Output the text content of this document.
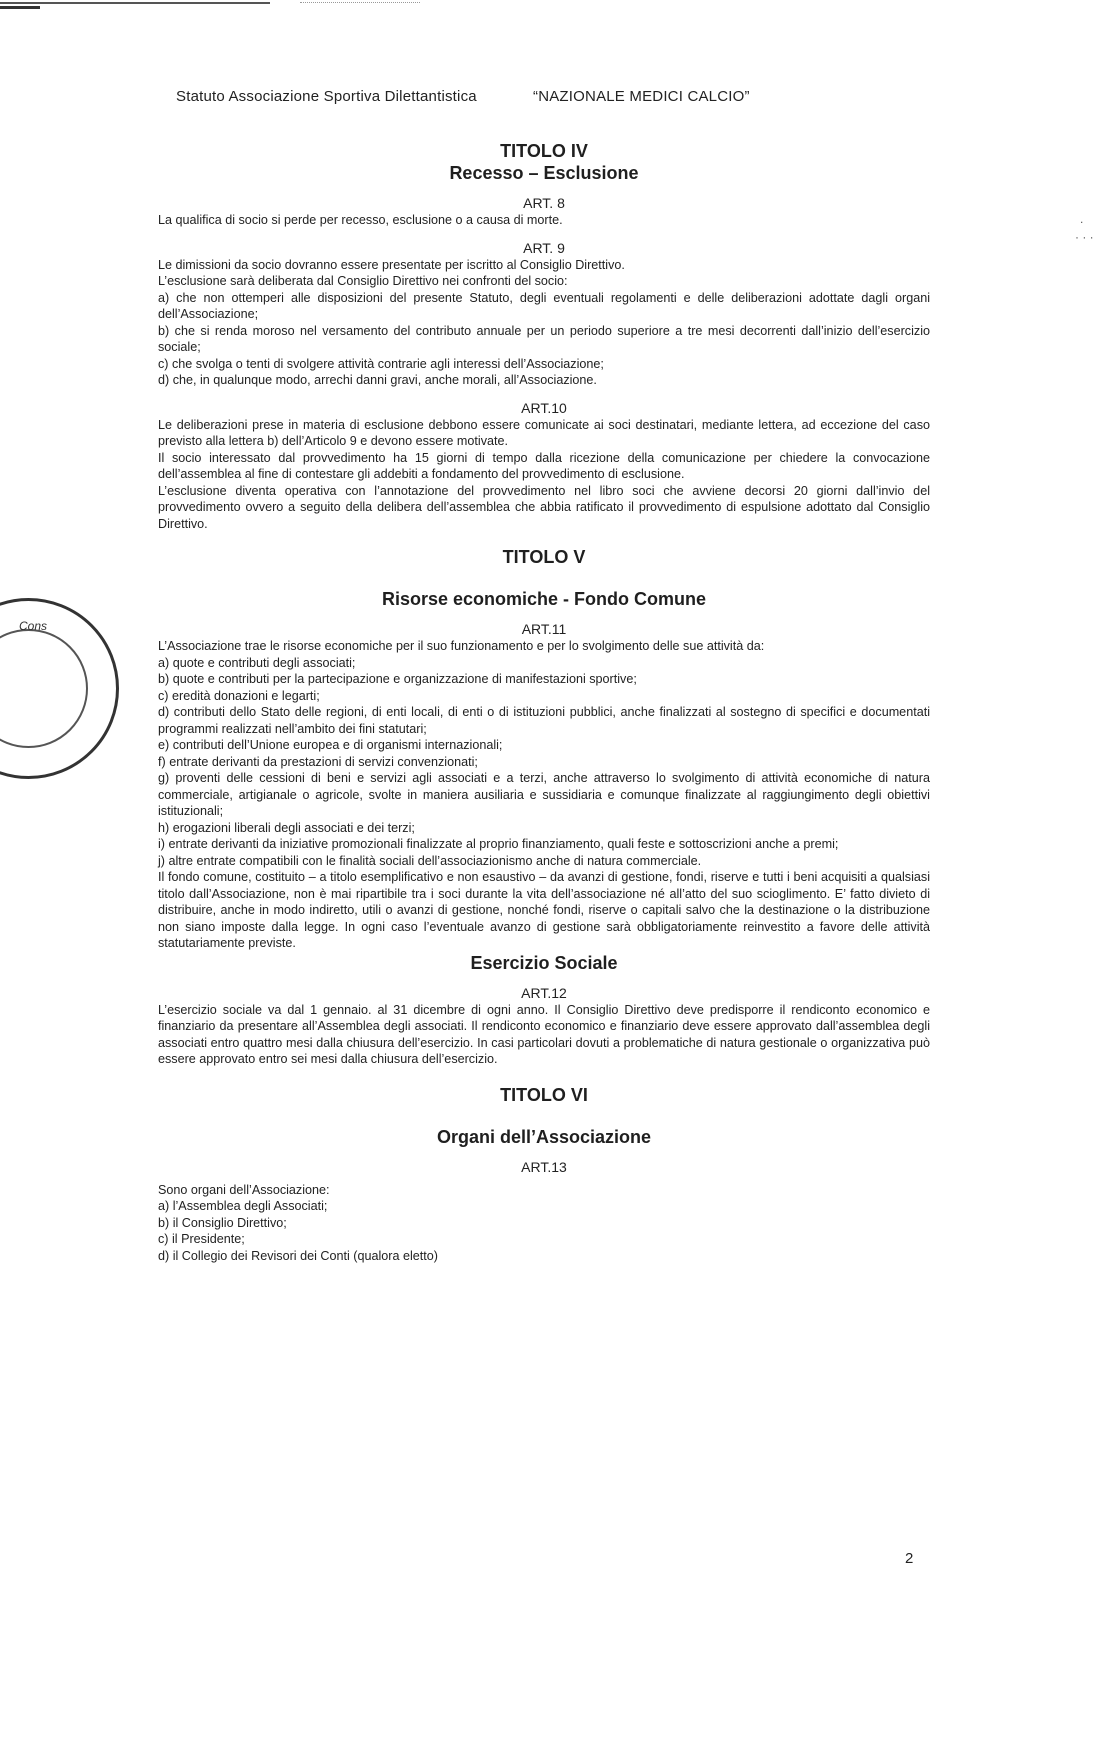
Statuto Associazione Sportiva Dilettantistica	“NAZIONALE MEDICI CALCIO”
Cons
.
· · ·
TITOLO IV
Recesso – Esclusione
ART. 8

La qualifica di socio si perde per recesso, esclusione o a causa di morte.

ART. 9

Le dimissioni da socio dovranno essere presentate per iscritto al Consiglio Direttivo.

L’esclusione sarà deliberata dal Consiglio Direttivo nei confronti del socio:

a) che non ottemperi alle disposizioni del presente Statuto, degli eventuali regolamenti e delle deliberazioni adottate dagli organi dell’Associazione;

b) che si renda moroso nel versamento del contributo annuale per un periodo superiore a tre mesi decorrenti dall’inizio dell’esercizio sociale;

c) che svolga o tenti di svolgere attività contrarie agli interessi dell’Associazione;

d) che, in qualunque modo, arrechi danni gravi, anche morali, all’Associazione.

ART.10

Le deliberazioni prese in materia di esclusione debbono essere comunicate ai soci destinatari, mediante lettera, ad eccezione del caso previsto alla lettera b) dell’Articolo 9 e devono essere motivate.

Il socio interessato dal provvedimento ha 15 giorni di tempo dalla ricezione della comunicazione per chiedere la convocazione dell’assemblea al fine di contestare gli addebiti a fondamento del provvedimento di esclusione.

L’esclusione diventa operativa con l’annotazione del provvedimento nel libro soci che avviene decorsi 20 giorni dall’invio del provvedimento ovvero a seguito della delibera dell’assemblea che abbia ratificato il provvedimento di espulsione adottato dal Consiglio Direttivo.

TITOLO V
Risorse economiche - Fondo Comune
ART.11

L’Associazione trae le risorse economiche per il suo funzionamento e per lo svolgimento delle sue attività da:

a) quote e contributi degli associati;

b) quote e contributi per la partecipazione e organizzazione di manifestazioni sportive;

c) eredità donazioni e legarti;

d) contributi dello Stato delle regioni, di enti locali, di enti o di istituzioni pubblici, anche finalizzati al sostegno di specifici e documentati programmi realizzati nell’ambito dei fini statutari;

e) contributi dell’Unione europea e di organismi internazionali;

f) entrate derivanti da prestazioni di servizi convenzionati;

g) proventi delle cessioni di beni e servizi agli associati e a terzi, anche attraverso lo svolgimento di attività economiche di natura commerciale, artigianale o agricole, svolte in maniera ausiliaria e sussidiaria e comunque finalizzate al raggiungimento degli obiettivi istituzionali;

h) erogazioni liberali degli associati e dei terzi;

i) entrate derivanti da iniziative promozionali finalizzate al proprio finanziamento, quali feste e sottoscrizioni anche a premi;

j) altre entrate compatibili con le finalità sociali dell’associazionismo anche di natura commerciale.

Il fondo comune, costituito – a titolo esemplificativo e non esaustivo – da avanzi di gestione, fondi, riserve e tutti i beni acquisiti a qualsiasi titolo dall’Associazione, non è mai ripartibile tra i soci durante la vita dell’associazione né all’atto del suo scioglimento. E’ fatto divieto di distribuire, anche in modo indiretto, utili o avanzi di gestione, nonché fondi, riserve o capitali salvo che la destinazione o la distribuzione non siano imposte dalla legge. In ogni caso l’eventuale avanzo di gestione sarà obbligatoriamente reinvestito a favore delle attività statutariamente previste.

Esercizio Sociale
ART.12

L’esercizio sociale va dal 1 gennaio. al 31 dicembre di ogni anno. Il Consiglio Direttivo deve predisporre il rendiconto economico e finanziario da presentare all’Assemblea degli associati. Il rendiconto economico e finanziario deve essere approvato dall’assemblea degli associati entro quattro mesi dalla chiusura dell’esercizio. In casi particolari dovuti a problematiche di natura gestionale o organizzativa può essere approvato entro sei mesi dalla chiusura dell’esercizio.

TITOLO VI
Organi dell’Associazione
ART.13

Sono organi dell’Associazione:

a) l’Assemblea degli Associati;

b) il Consiglio Direttivo;

c) il Presidente;

d) il Collegio dei Revisori dei Conti (qualora eletto)

2
